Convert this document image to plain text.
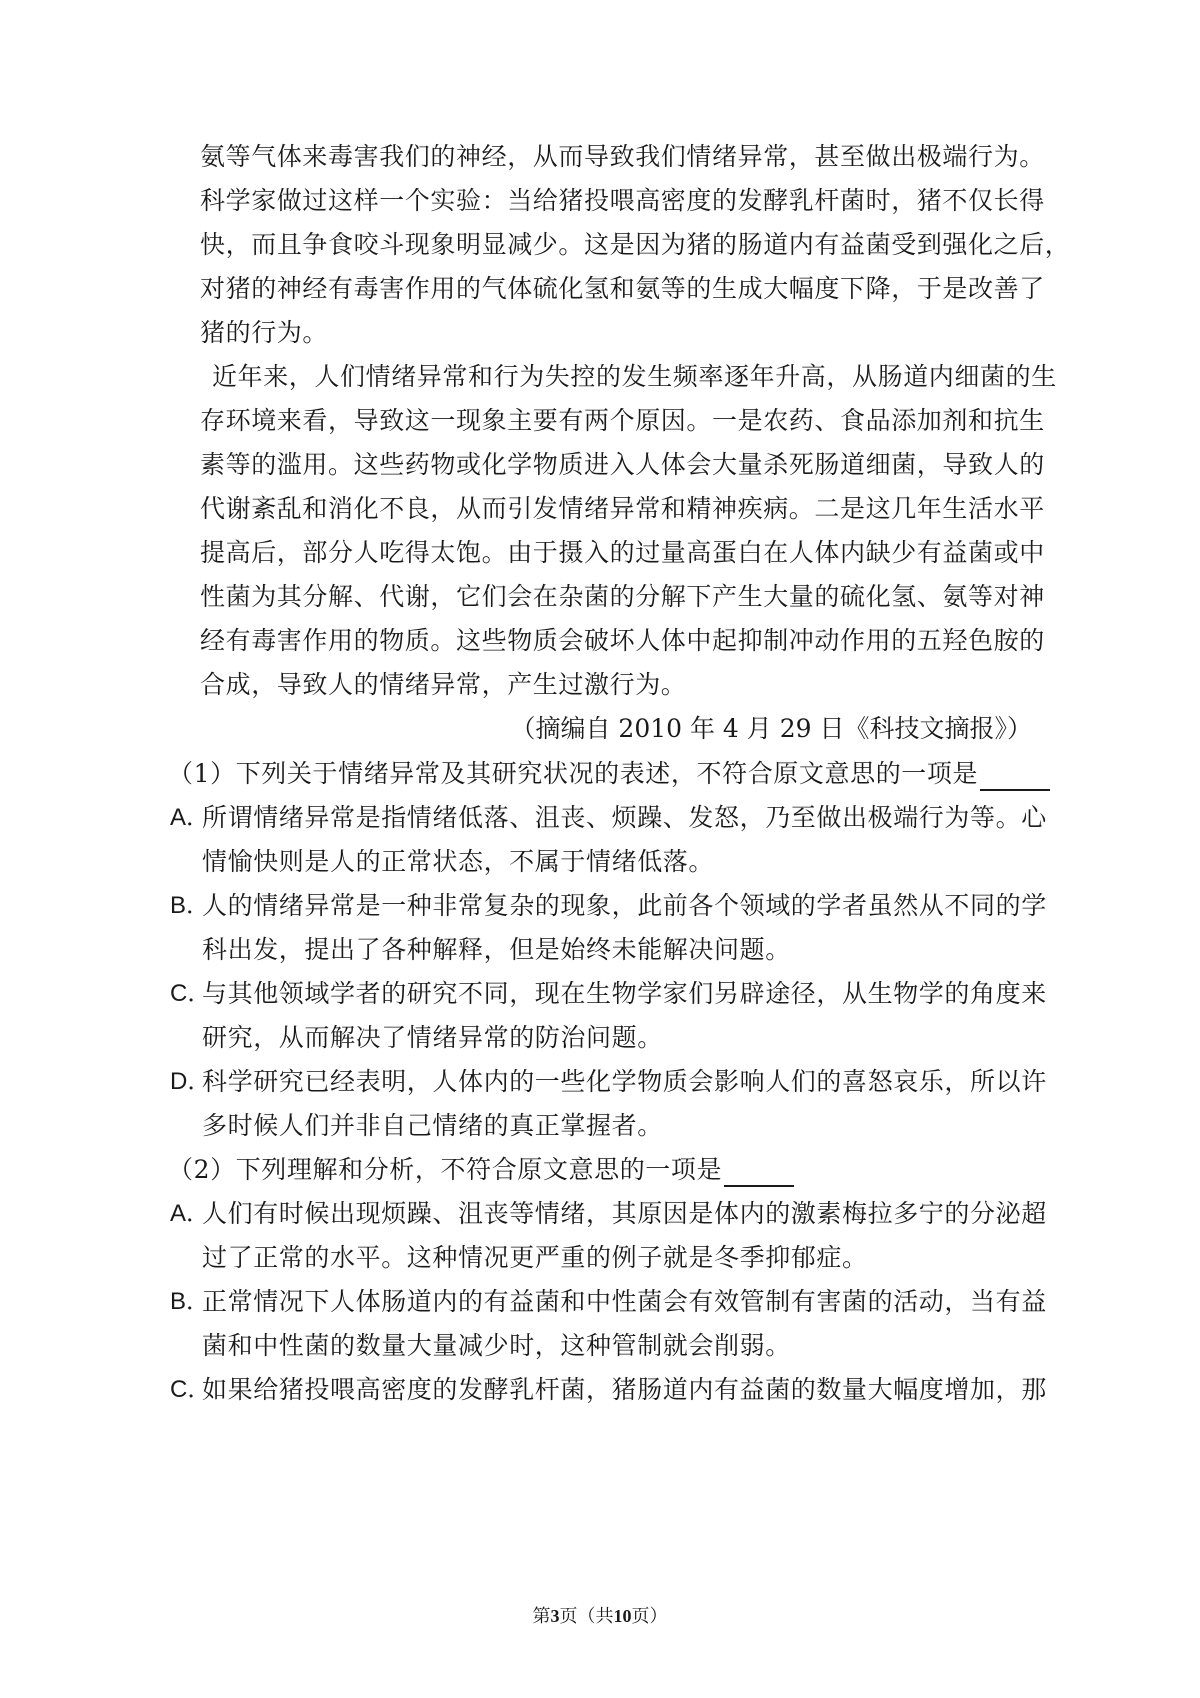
氨等气体来毒害我们的神经，从而导致我们情绪异常，甚至做出极端行为。
科学家做过这样一个实验：当给猪投喂高密度的发酵乳杆菌时，猪不仅长得
快，而且争食咬斗现象明显减少。这是因为猪的肠道内有益菌受到强化之后，
对猪的神经有毒害作用的气体硫化氢和氨等的生成大幅度下降，于是改善了
猪的行为。
近年来，人们情绪异常和行为失控的发生频率逐年升高，从肠道内细菌的生
存环境来看，导致这一现象主要有两个原因。一是农药、食品添加剂和抗生
素等的滥用。这些药物或化学物质进入人体会大量杀死肠道细菌，导致人的
代谢紊乱和消化不良，从而引发情绪异常和精神疾病。二是这几年生活水平
提高后，部分人吃得太饱。由于摄入的过量高蛋白在人体内缺少有益菌或中
性菌为其分解、代谢，它们会在杂菌的分解下产生大量的硫化氢、氨等对神
经有毒害作用的物质。这些物质会破坏人体中起抑制冲动作用的五羟色胺的
合成，导致人的情绪异常，产生过激行为。
（摘编自 2010 年 4 月 29 日《科技文摘报》）
（1）下列关于情绪异常及其研究状况的表述，不符合原文意思的一项是
A．
所谓情绪异常是指情绪低落、沮丧、烦躁、发怒，乃至做出极端行为等。心
情愉快则是人的正常状态，不属于情绪低落。
B．
人的情绪异常是一种非常复杂的现象，此前各个领域的学者虽然从不同的学
科出发，提出了各种解释，但是始终未能解决问题。
C．
与其他领域学者的研究不同，现在生物学家们另辟途径，从生物学的角度来
研究，从而解决了情绪异常的防治问题。
D．
科学研究已经表明，人体内的一些化学物质会影响人们的喜怒哀乐，所以许
多时候人们并非自己情绪的真正掌握者。
（2）下列理解和分析，不符合原文意思的一项是
A．
人们有时候出现烦躁、沮丧等情绪，其原因是体内的激素梅拉多宁的分泌超
过了正常的水平。这种情况更严重的例子就是冬季抑郁症。
B．
正常情况下人体肠道内的有益菌和中性菌会有效管制有害菌的活动，当有益
菌和中性菌的数量大量减少时，这种管制就会削弱。
C．
如果给猪投喂高密度的发酵乳杆菌，猪肠道内有益菌的数量大幅度增加，那
第3页（共10页）
